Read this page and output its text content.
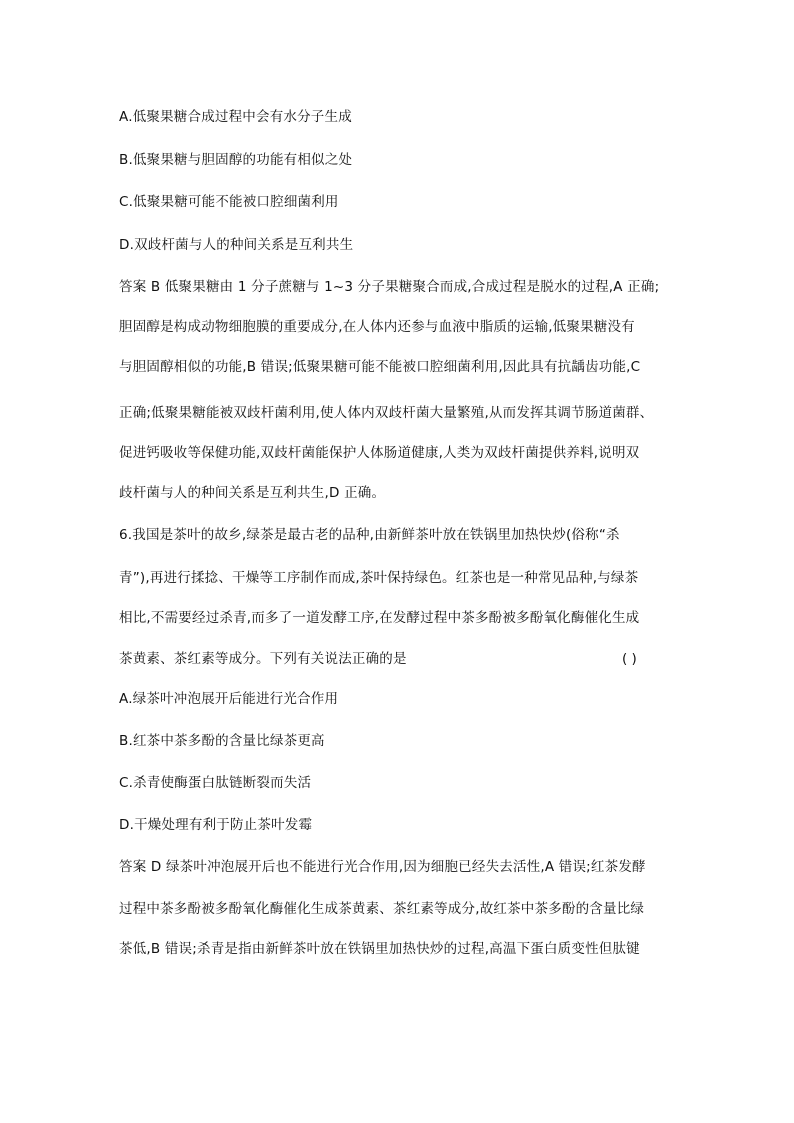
A.低聚果糖合成过程中会有水分子生成
B.低聚果糖与胆固醇的功能有相似之处
C.低聚果糖可能不能被口腔细菌利用
D.双歧杆菌与人的种间关系是互利共生
答案 B 低聚果糖由 1 分子蔗糖与 1~3 分子果糖聚合而成,合成过程是脱水的过程,A 正确;
胆固醇是构成动物细胞膜的重要成分,在人体内还参与血液中脂质的运输,低聚果糖没有
与胆固醇相似的功能,B 错误;低聚果糖可能不能被口腔细菌利用,因此具有抗龋齿功能,C
正确;低聚果糖能被双歧杆菌利用,使人体内双歧杆菌大量繁殖,从而发挥其调节肠道菌群、
促进钙吸收等保健功能,双歧杆菌能保护人体肠道健康,人类为双歧杆菌提供养料,说明双
歧杆菌与人的种间关系是互利共生,D 正确。
6.我国是茶叶的故乡,绿茶是最古老的品种,由新鲜茶叶放在铁锅里加热快炒(俗称“杀
青”),再进行揉捻、干燥等工序制作而成,茶叶保持绿色。红茶也是一种常见品种,与绿茶
相比,不需要经过杀青,而多了一道发酵工序,在发酵过程中茶多酚被多酚氧化酶催化生成
茶黄素、茶红素等成分。下列有关说法正确的是	( )
A.绿茶叶冲泡展开后能进行光合作用
B.红茶中茶多酚的含量比绿茶更高
C.杀青使酶蛋白肽链断裂而失活
D.干燥处理有利于防止茶叶发霉
答案 D 绿茶叶冲泡展开后也不能进行光合作用,因为细胞已经失去活性,A 错误;红茶发酵
过程中茶多酚被多酚氧化酶催化生成茶黄素、茶红素等成分,故红茶中茶多酚的含量比绿
茶低,B 错误;杀青是指由新鲜茶叶放在铁锅里加热快炒的过程,高温下蛋白质变性但肽键
